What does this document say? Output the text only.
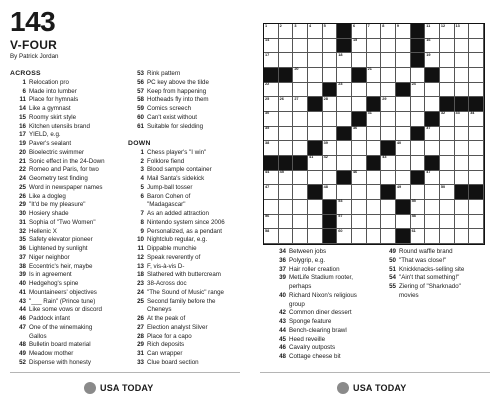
143
V-FOUR
By Patrick Jordan
ACROSS
1 Relocation pro
6 Made into lumber
11 Place for hymnals
14 Like a gymnast
15 Roomy skirt style
16 Kitchen utensils brand
17 YIELD, e.g.
19 Paver's sealant
20 Bioelectric swimmer
21 Sonic effect in the 24-Down
22 Romeo and Paris, for two
24 Geometry test finding
25 Word in newspaper names
26 Like a dogleg
29 "It'd be my pleasure"
30 Hosiery shade
31 Sophia of "Two Women"
32 Hellenic X
35 Safety elevator pioneer
36 Lightened by sunlight
37 Niger neighbor
38 Eccentric's heir, maybe
39 Is in agreement
40 Hedgehog's spine
41 Mountaineers' objectives
43 "___ Rain" (Prince tune)
44 Like some vows or discord
46 Paddock infant
47 One of the winemaking
Gallos
48 Bulletin board material
49 Meadow mother
52 Dispense with honesty
53 Rink pattern
56 PC key above the tilde
57 Keep from happening
58 Hotheads fly into them
59 Comics screech
60 Can't exist without
61 Suitable for sledding
DOWN
1 Chess player's "I win"
2 Folklore fiend
3 Blood sample container
4 Mail Santa's sidekick
5 Jump-ball tosser
6 Baron Cohen of
"Madagascar"
7 As an added attraction
8 Nintendo system since 2006
9 Personalized, as a pendant
10 Nightclub regular, e.g.
11 Dippable munchie
12 Speak reverently of
13 F, vis-à-vis D-
18 Slathered with buttercream
23 38-Across doc
24 "The Sound of Music" range
25 Second family before the
Cheneys
26 At the peak of
27 Election analyst Silver
28 Place for a capo
29 Rich deposits
31 Can wrapper
33 Clue board section
USA TODAY
1	2	3	4	5	6	7	8	9	11	12	13
14	15	16
17	18	19
20	21
22	23	24
25	26	27	28	29
30	31	32	33	34
35	36	37
38	39	40
41	42	43
44	45	46	47
47	48	49	50
53	55
56	57	58
58	60	61
34 Between jobs
36 Polygrip, e.g.
37 Hair roller creation
39 MetLife Stadium rooter,
perhaps
40 Richard Nixon's religious
group
42 Common diner dessert
43 Sponge feature
44 Bench-clearing brawl
45 Heed reveille
46 Cavalry outposts
48 Cottage cheese bit
49 Round waffle brand
50 "That was close!"
51 Knickknacks-selling site
54 "Ain't that something!"
55 Ziering of "Sharknado"
movies
USA TODAY
